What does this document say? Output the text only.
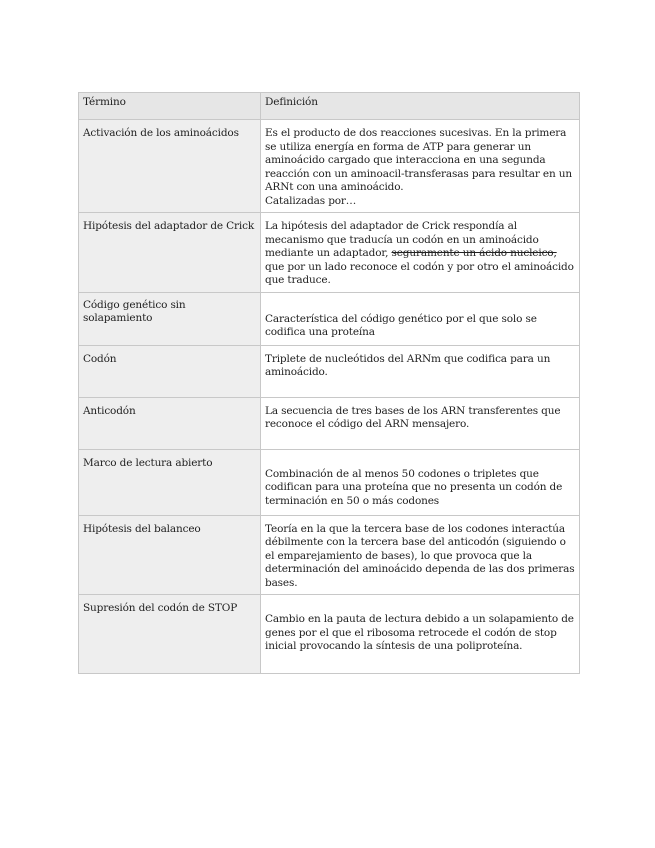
Término	Definición
Activación de los aminoácidos	Es el producto de dos reacciones sucesivas. En la primera se utiliza energía en forma de ATP para generar un aminoácido cargado que interacciona en una segunda reacción con un aminoacil-transferasas para resultar en un ARNt con una aminoácido.
Catalizadas por…

Hipótesis del adaptador de Crick	La hipótesis del adaptador de Crick respondía al mecanismo que traducía un codón en un aminoácido mediante un adaptador, seguramente un ácido nucleico, que por un lado reconoce el codón y por otro el aminoácido que traduce.
Código genético sin solapamiento	Característica del código genético por el que solo se codifica una proteína
Codón	Triplete de nucleótidos del ARNm que codifica para un aminoácido.
Anticodón	La secuencia de tres bases de los ARN transferentes que reconoce el código del ARN mensajero.
Marco de lectura abierto	Combinación de al menos 50 codones o tripletes que codifican para una proteína que no presenta un codón de terminación en 50 o más codones
Hipótesis del balanceo	Teoría en la que la tercera base de los codones interactúa débilmente con la tercera base del anticodón (siguiendo o el emparejamiento de bases), lo que provoca que la determinación del aminoácido dependa de las dos primeras bases.
Supresión del codón de STOP	Cambio en la pauta de lectura debido a un solapamiento de genes por el que el ribosoma retrocede el codón de stop inicial provocando la síntesis de una poliproteína.
